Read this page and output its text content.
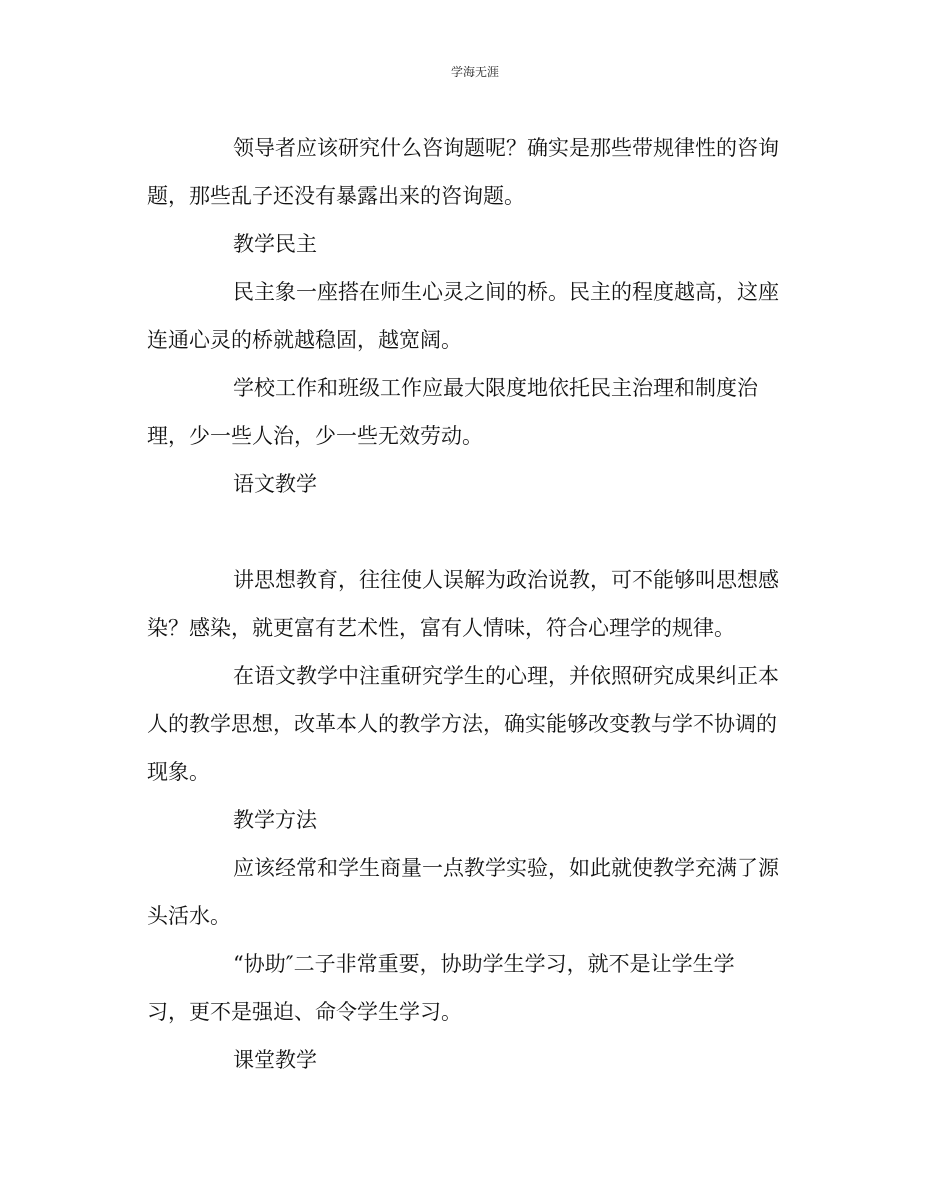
学海无涯
领导者应该研究什么咨询题呢？确实是那些带规律性的咨询
题，那些乱子还没有暴露出来的咨询题。
教学民主
民主象一座搭在师生心灵之间的桥。民主的程度越高，这座
连通心灵的桥就越稳固，越宽阔。
学校工作和班级工作应最大限度地依托民主治理和制度治
理，少一些人治，少一些无效劳动。
语文教学
讲思想教育，往往使人误解为政治说教，可不能够叫思想感
染？感染，就更富有艺术性，富有人情味，符合心理学的规律。
在语文教学中注重研究学生的心理，并依照研究成果纠正本
人的教学思想，改革本人的教学方法，确实能够改变教与学不协调的
现象。
教学方法
应该经常和学生商量一点教学实验，如此就使教学充满了源
头活水。
“协助″二子非常重要，协助学生学习，就不是让学生学
习，更不是强迫、命令学生学习。
课堂教学
